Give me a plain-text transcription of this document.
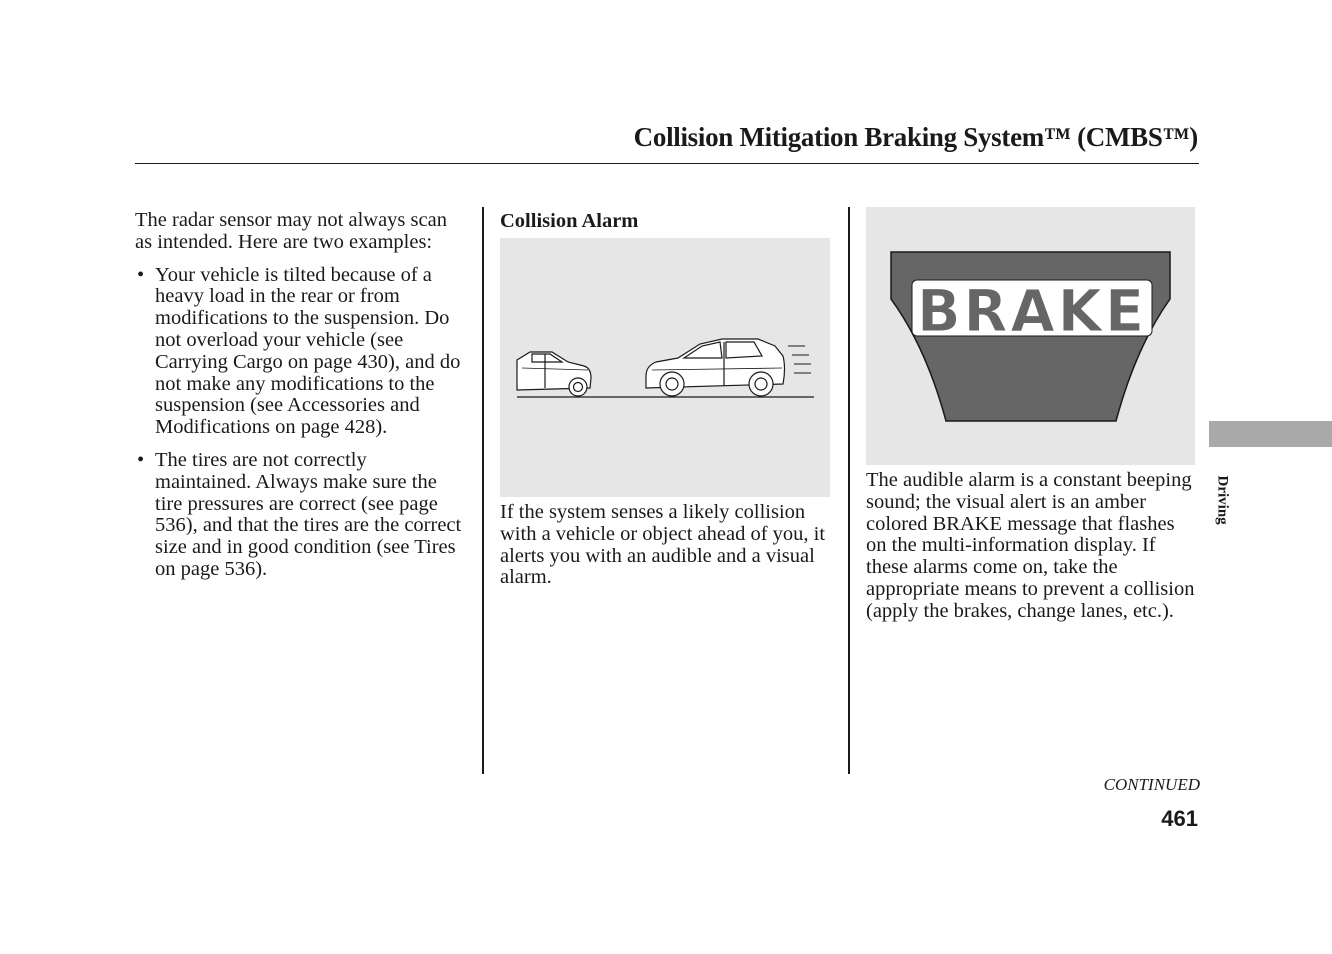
Collision Mitigation Braking System™ (CMBS™)

The radar sensor may not always scan as intended. Here are two examples:

• Your vehicle is tilted because of a heavy load in the rear or from modifications to the suspension. Do not overload your vehicle (see Carrying Cargo on page 430), and do not make any modifications to the suspension (see Accessories and Modifications on page 428).
• The tires are not correctly maintained. Always make sure the tire pressures are correct (see page 536), and that the tires are the correct size and in good condition (see Tires on page 536).
Collision Alarm

If the system senses a likely collision with a vehicle or object ahead of you, it alerts you with an audible and a visual alarm.

BRAKE

The audible alarm is a constant beeping sound; the visual alert is an amber colored BRAKE message that flashes on the multi-information display. If these alarms come on, take the appropriate means to prevent a collision (apply the brakes, change lanes, etc.).

Driving
CONTINUED
461
